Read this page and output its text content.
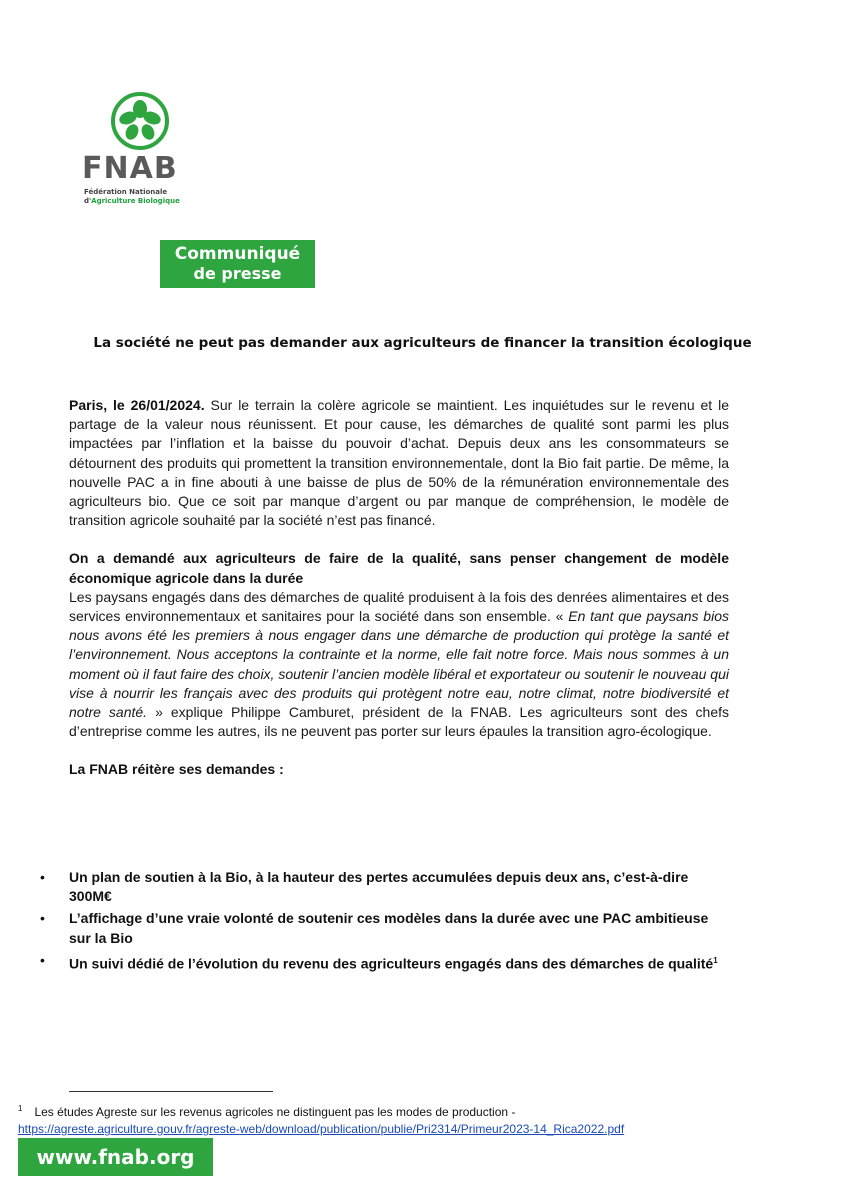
FNAB
Fédération Nationale
d'Agriculture Biologique
Communiqué
de presse
La société ne peut pas demander aux agriculteurs de financer la transition écologique

Paris, le 26/01/2024. Sur le terrain la colère agricole se maintient. Les inquiétudes sur le revenu et le partage de la valeur nous réunissent. Et pour cause, les démarches de qualité sont parmi les plus impactées par l’inflation et la baisse du pouvoir d’achat. Depuis deux ans les consommateurs se détournent des produits qui promettent la transition environnementale, dont la Bio fait partie. De même, la nouvelle PAC a in fine abouti à une baisse de plus de 50% de la rémunération environnementale des agriculteurs bio. Que ce soit par manque d’argent ou par manque de compréhension, le modèle de transition agricole souhaité par la société n’est pas financé.

On a demandé aux agriculteurs de faire de la qualité, sans penser changement de modèle économique agricole dans la durée
Les paysans engagés dans des démarches de qualité produisent à la fois des denrées alimentaires et des services environnementaux et sanitaires pour la société dans son ensemble. « En tant que paysans bios nous avons été les premiers à nous engager dans une démarche de production qui protège la santé et l’environnement. Nous acceptons la contrainte et la norme, elle fait notre force. Mais nous sommes à un moment où il faut faire des choix, soutenir l’ancien modèle libéral et exportateur ou soutenir le nouveau qui vise à nourrir les français avec des produits qui protègent notre eau, notre climat, notre biodiversité et notre santé. » explique Philippe Camburet, président de la FNAB. Les agriculteurs sont des chefs d’entreprise comme les autres, ils ne peuvent pas porter sur leurs épaules la transition agro-écologique.

La FNAB réitère ses demandes :

• Un plan de soutien à la Bio, à la hauteur des pertes accumulées depuis deux ans, c’est-à-dire 300M€
• L’affichage d’une vraie volonté de soutenir ces modèles dans la durée avec une PAC ambitieuse sur la Bio
• Un suivi dédié de l’évolution du revenu des agriculteurs engagés dans des démarches de qualité$^1$
$^1$ Les études Agreste sur les revenus agricoles ne distinguent pas les modes de production -
https://agreste.agriculture.gouv.fr/agreste-web/download/publication/publie/Pri2314/Primeur2023-14_Rica2022.pdf
www.fnab.org
